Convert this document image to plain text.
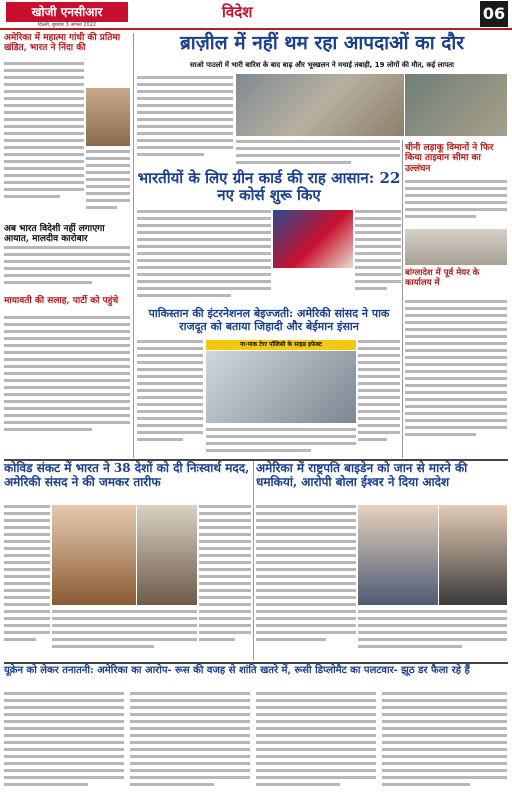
खोजी एनसीआर
दिल्ली, बुधवार 3 अगस्त 2022
विदेश	06
अमेरिका में महात्मा गांधी की प्रतिमा खंडित, भारत ने निंदा की
अब भारत विदेशी नहीं लगाएगा आयात, मालदीव कारोबार
मायावती की सलाह, पार्टी को पहुंचे
ब्राज़ील में नहीं थम रहा आपदाओं का दौर
साओ पाउलो में भारी बारिश के बाद बाढ़ और भूस्खलन ने मचाई तबाही, 19 लोगों की मौत, कई लापता
चीनी लड़ाकू विमानों ने फिर किया ताइवान सीमा का उल्लंघन
भारतीयों के लिए ग्रीन कार्ड की राह आसान: 22 नए कोर्स शुरू किए
बांग्लादेश में पूर्व मेयर के कार्यालय में
पाकिस्तान की इंटरनेशनल बेइज्जती: अमेरिकी सांसद ने पाक राजदूत को बताया जिहादी और बेईमान इंसान
ना-पाक टेरर पॉलिसी के साइड इफेक्ट
कोविड संकट में भारत ने 38 देशों को दी निःस्वार्थ मदद, अमेरिकी संसद ने की जमकर तारीफ
अमेरिका में राष्ट्रपति बाइडेन को जान से मारने की धमकियां, आरोपी बोला ईश्वर ने दिया आदेश
यूक्रेन को लेकर तनातनी: अमेरिका का आरोप- रूस की वजह से शांति खतरे में, रूसी डिप्लोमैट का पलटवार- झूठ डर फैला रहे हैं
